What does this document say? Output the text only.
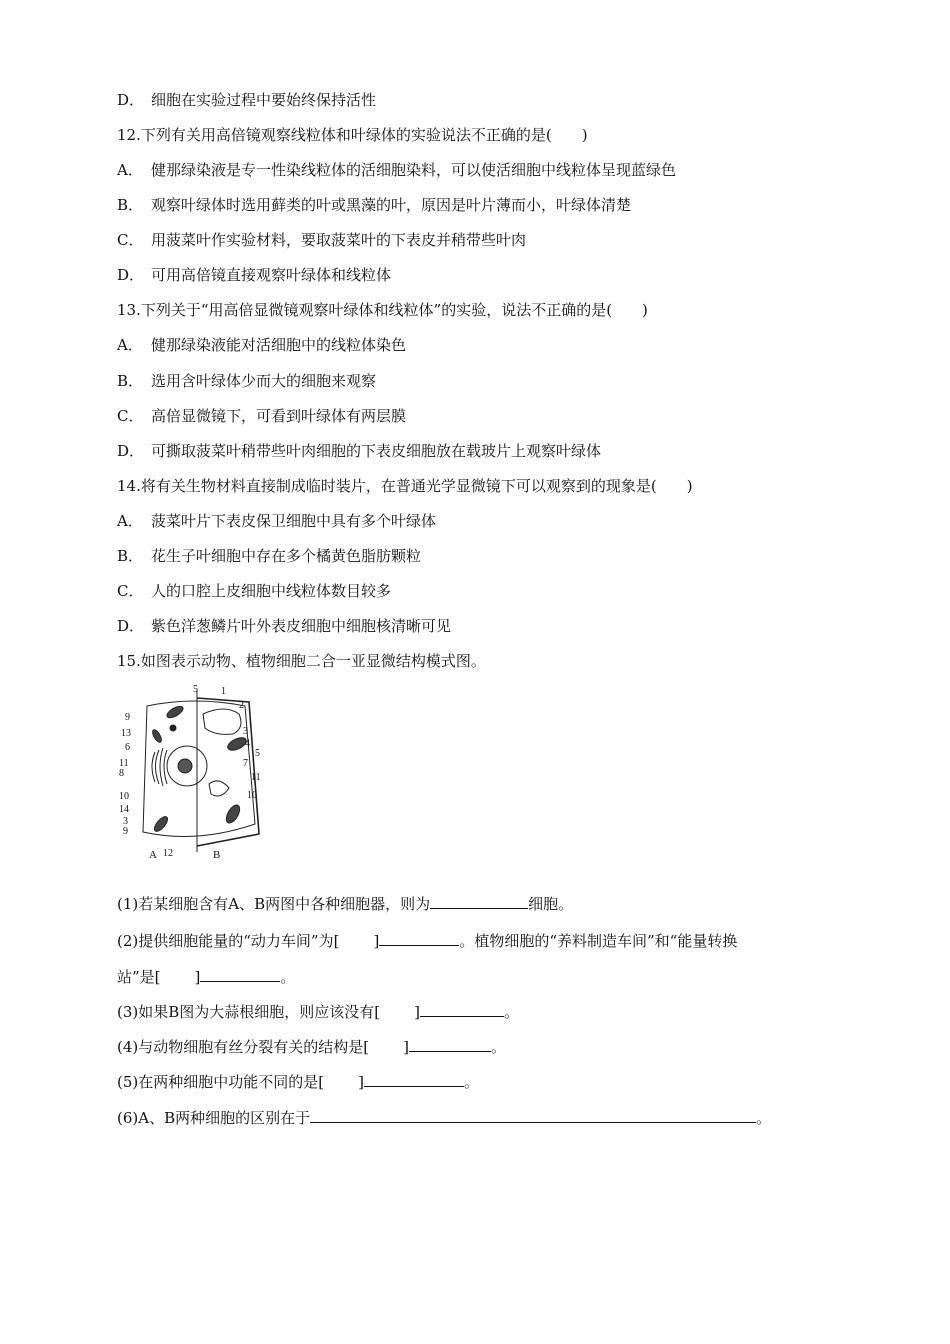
D． 细胞在实验过程中要始终保持活性
12.下列有关用高倍镜观察线粒体和叶绿体的实验说法不正确的是(　　)
A． 健那绿染液是专一性染线粒体的活细胞染料，可以使活细胞中线粒体呈现蓝绿色
B． 观察叶绿体时选用藓类的叶或黑藻的叶，原因是叶片薄而小，叶绿体清楚
C． 用菠菜叶作实验材料，要取菠菜叶的下表皮并稍带些叶肉
D． 可用高倍镜直接观察叶绿体和线粒体
13.下列关于“用高倍显微镜观察叶绿体和线粒体”的实验，说法不正确的是(　　)
A． 健那绿染液能对活细胞中的线粒体染色
B． 选用含叶绿体少而大的细胞来观察
C． 高倍显微镜下，可看到叶绿体有两层膜
D． 可撕取菠菜叶稍带些叶肉细胞的下表皮细胞放在载玻片上观察叶绿体
14.将有关生物材料直接制成临时装片，在普通光学显微镜下可以观察到的现象是(　　)
A． 菠菜叶片下表皮保卫细胞中具有多个叶绿体
B． 花生子叶细胞中存在多个橘黄色脂肪颗粒
C． 人的口腔上皮细胞中线粒体数目较多
D． 紫色洋葱鳞片叶外表皮细胞中细胞核清晰可见
15.如图表示动物、植物细胞二合一亚显微结构模式图。
5 1
9
13
6
11
8
10
14
3
9
2
3
4
5
7
11
10
A 12	B
(1)若某细胞含有A、B两图中各种细胞器，则为	细胞。
(2)提供细胞能量的“动力车间”为[ ]	。植物细胞的“养料制造车间”和“能量转换
站”是[ ]	。
(3)如果B图为大蒜根细胞，则应该没有[ ]	。
(4)与动物细胞有丝分裂有关的结构是[ ]	。
(5)在两种细胞中功能不同的是[ ]	。
(6)A、B两种细胞的区别在于	。
